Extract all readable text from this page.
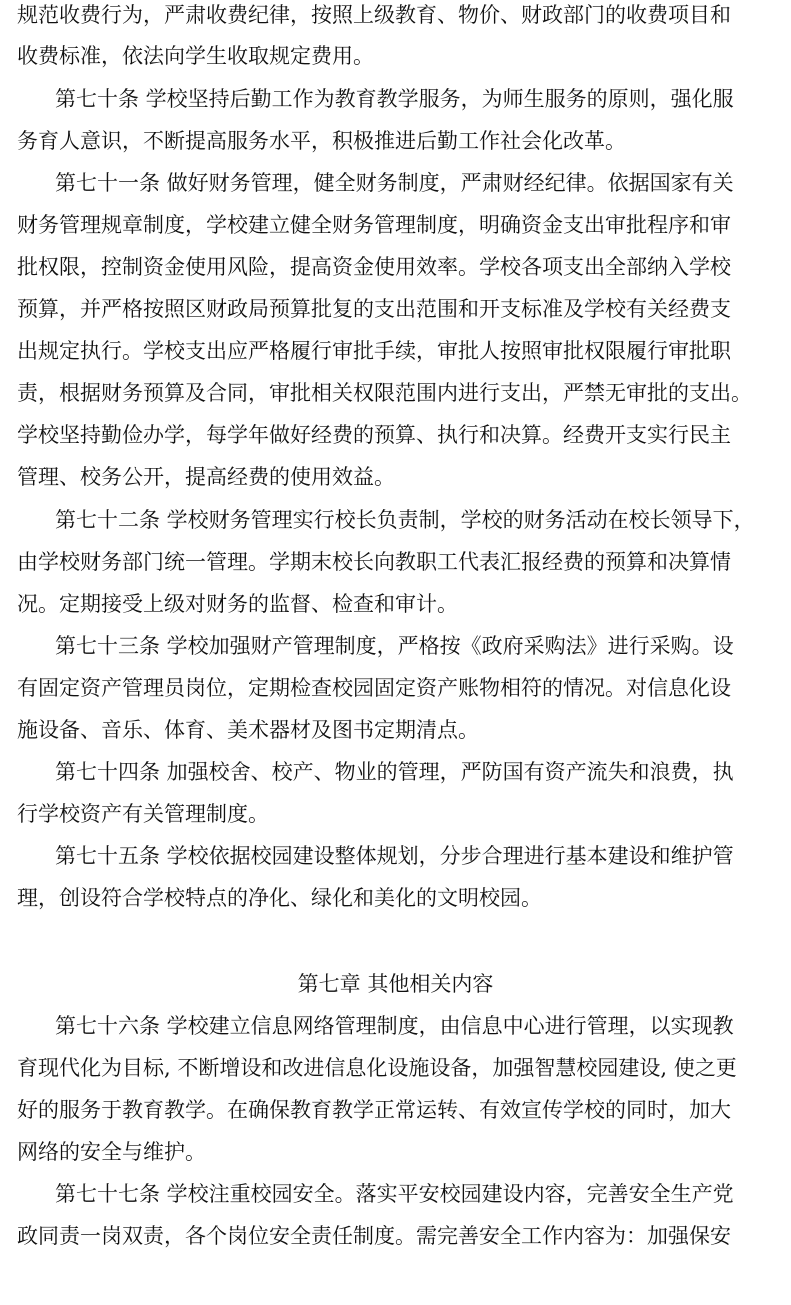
规范收费行为，严肃收费纪律，按照上级教育、物价、财政部门的收费项目和
收费标准，依法向学生收取规定费用。
第七十条 学校坚持后勤工作为教育教学服务，为师生服务的原则，强化服
务育人意识，不断提高服务水平，积极推进后勤工作社会化改革。
第七十一条 做好财务管理，健全财务制度，严肃财经纪律。依据国家有关
财务管理规章制度，学校建立健全财务管理制度，明确资金支出审批程序和审
批权限，控制资金使用风险，提高资金使用效率。学校各项支出全部纳入学校
预算，并严格按照区财政局预算批复的支出范围和开支标准及学校有关经费支
出规定执行。学校支出应严格履行审批手续，审批人按照审批权限履行审批职
责，根据财务预算及合同，审批相关权限范围内进行支出，严禁无审批的支出。
学校坚持勤俭办学，每学年做好经费的预算、执行和决算。经费开支实行民主
管理、校务公开，提高经费的使用效益。
第七十二条 学校财务管理实行校长负责制，学校的财务活动在校长领导下，
由学校财务部门统一管理。学期末校长向教职工代表汇报经费的预算和决算情
况。定期接受上级对财务的监督、检查和审计。
第七十三条 学校加强财产管理制度，严格按《政府采购法》进行采购。设
有固定资产管理员岗位，定期检查校园固定资产账物相符的情况。对信息化设
施设备、音乐、体育、美术器材及图书定期清点。
第七十四条 加强校舍、校产、物业的管理，严防国有资产流失和浪费，执
行学校资产有关管理制度。
第七十五条 学校依据校园建设整体规划，分步合理进行基本建设和维护管
理，创设符合学校特点的净化、绿化和美化的文明校园。
第七章 其他相关内容
第七十六条 学校建立信息网络管理制度，由信息中心进行管理，以实现教
育现代化为目标, 不断增设和改进信息化设施设备，加强智慧校园建设, 使之更
好的服务于教育教学。在确保教育教学正常运转、有效宣传学校的同时，加大
网络的安全与维护。
第七十七条 学校注重校园安全。落实平安校园建设内容，完善安全生产党
政同责一岗双责，各个岗位安全责任制度。需完善安全工作内容为：加强保安
